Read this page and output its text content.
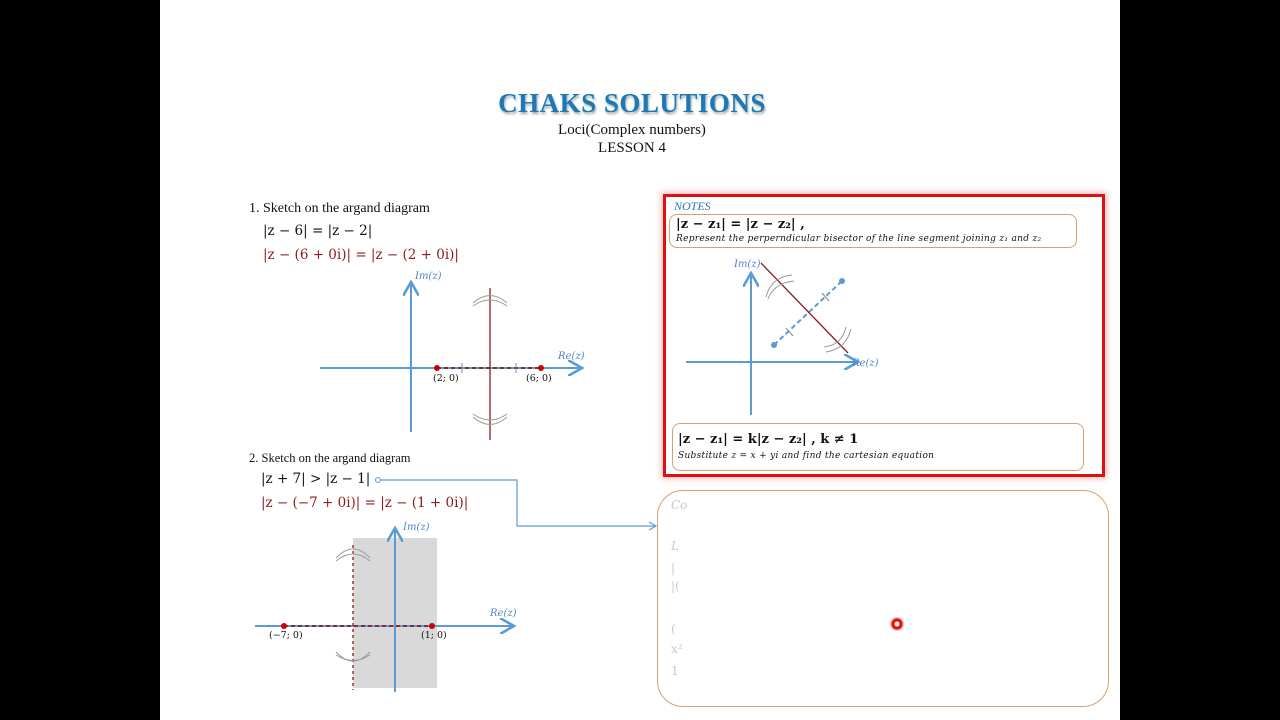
CHAKS SOLUTIONS
Loci(Complex numbers)
LESSON 4
1. Sketch on the argand diagram
|z − 6| = |z − 2|
|z − (6 + 0i)| = |z − (2 + 0i)|
Im(z)
Re(z)
(2; 0)	(6; 0)
2. Sketch on the argand diagram
|z + 7| > |z − 1|
|z − (−7 + 0i)| = |z − (1 + 0i)|
Im(z)
Re(z)
(−7; 0)	(1; 0)
NOTES
|z − z₁| = |z − z₂| ,
Represent the perperndicular bisector of the line segment joining z₁ and z₂
Im(z)
Re(z)
|z − z₁| = k|z − z₂| , k ≠ 1
Substitute z = x + yi and find the cartesian equation
Co
L
|
|(
(
x²
1
